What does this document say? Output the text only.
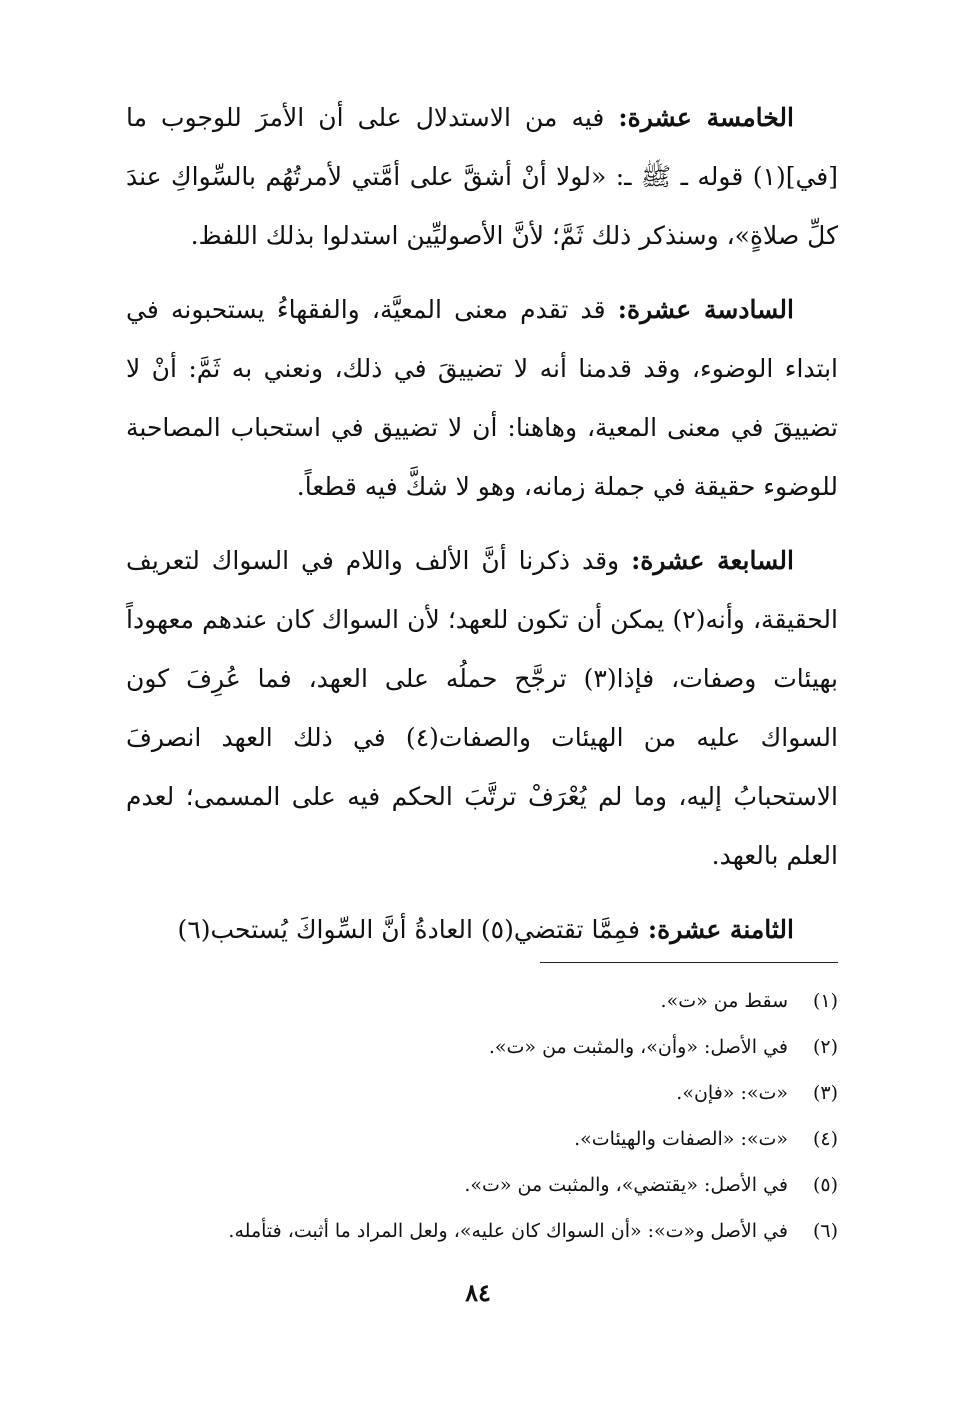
الخامسة عشرة: فيه من الاستدلال على أن الأمرَ للوجوب ما [في](١) قوله ـ ﷺ ـ: «لولا أنْ أشقَّ على أمَّتي لأمرتُهُم بالسِّواكِ عندَ كلِّ صلاةٍ»، وسنذكر ذلك ثَمَّ؛ لأنَّ الأصوليِّين استدلوا بذلك اللفظ.

السادسة عشرة: قد تقدم معنى المعيَّة، والفقهاءُ يستحبونه في ابتداء الوضوء، وقد قدمنا أنه لا تضييقَ في ذلك، ونعني به ثَمَّ: أنْ لا تضييقَ في معنى المعية، وهاهنا: أن لا تضييق في استحباب المصاحبة للوضوء حقيقة في جملة زمانه، وهو لا شكَّ فيه قطعاً.

السابعة عشرة: وقد ذكرنا أنَّ الألف واللام في السواك لتعريف الحقيقة، وأنه(٢) يمكن أن تكون للعهد؛ لأن السواك كان عندهم معهوداً بهيئات وصفات، فإذا(٣) ترجَّح حملُه على العهد، فما عُرِفَ كون السواك عليه من الهيئات والصفات(٤) في ذلك العهد انصرفَ الاستحبابُ إليه، وما لم يُعْرَفْ ترتَّبَ الحكم فيه على المسمى؛ لعدم العلم بالعهد.

الثامنة عشرة: فمِمَّا تقتضي(٥) العادةُ أنَّ السِّواكَ يُستحب(٦)

(١)سقط من «ت».
(٢)في الأصل: «وأن»، والمثبت من «ت».
(٣)«ت»: «فإن».
(٤)«ت»: «الصفات والهيئات».
(٥)في الأصل: «يقتضي»، والمثبت من «ت».
(٦)في الأصل و«ت»: «أن السواك كان عليه»، ولعل المراد ما أثبت، فتأمله.
٨٤
